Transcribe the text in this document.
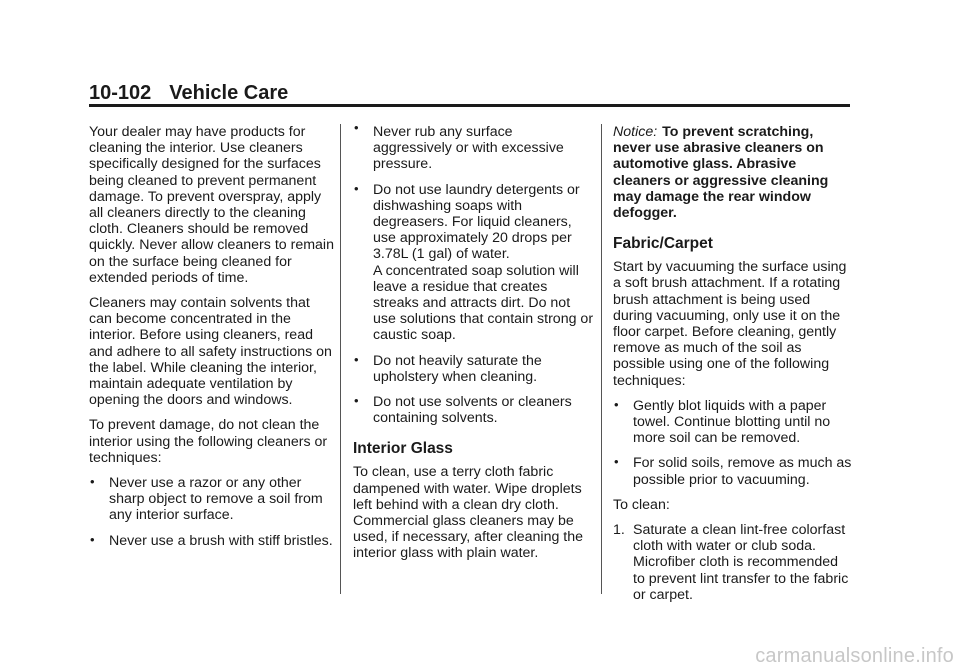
10-102 Vehicle Care

Your dealer may have products for cleaning the interior. Use cleaners specifically designed for the surfaces being cleaned to prevent permanent damage. To prevent overspray, apply all cleaners directly to the cleaning cloth. Cleaners should be removed quickly. Never allow cleaners to remain on the surface being cleaned for extended periods of time.

Cleaners may contain solvents that can become concentrated in the interior. Before using cleaners, read and adhere to all safety instructions on the label. While cleaning the interior, maintain adequate ventilation by opening the doors and windows.

To prevent damage, do not clean the interior using the following cleaners or techniques:

• Never use a razor or any other sharp object to remove a soil from any interior surface.
• Never use a brush with stiff bristles.
• Never rub any surface aggressively or with excessive pressure.
• Do not use laundry detergents or dishwashing soaps with degreasers. For liquid cleaners, use approximately 20 drops per 3.78L (1 gal) of water.
A concentrated soap solution will leave a residue that creates streaks and attracts dirt. Do not use solutions that contain strong or caustic soap.
• Do not heavily saturate the upholstery when cleaning.
• Do not use solvents or cleaners containing solvents.
Interior Glass

To clean, use a terry cloth fabric dampened with water. Wipe droplets left behind with a clean dry cloth. Commercial glass cleaners may be used, if necessary, after cleaning the interior glass with plain water.

Notice: To prevent scratching, never use abrasive cleaners on automotive glass. Abrasive cleaners or aggressive cleaning may damage the rear window defogger.

Fabric/Carpet

Start by vacuuming the surface using a soft brush attachment. If a rotating brush attachment is being used during vacuuming, only use it on the floor carpet. Before cleaning, gently remove as much of the soil as possible using one of the following techniques:

• Gently blot liquids with a paper towel. Continue blotting until no more soil can be removed.
• For solid soils, remove as much as possible prior to vacuuming.

To clean:

1. Saturate a clean lint-free colorfast cloth with water or club soda. Microfiber cloth is recommended to prevent lint transfer to the fabric or carpet.
carmanualsonline.info
